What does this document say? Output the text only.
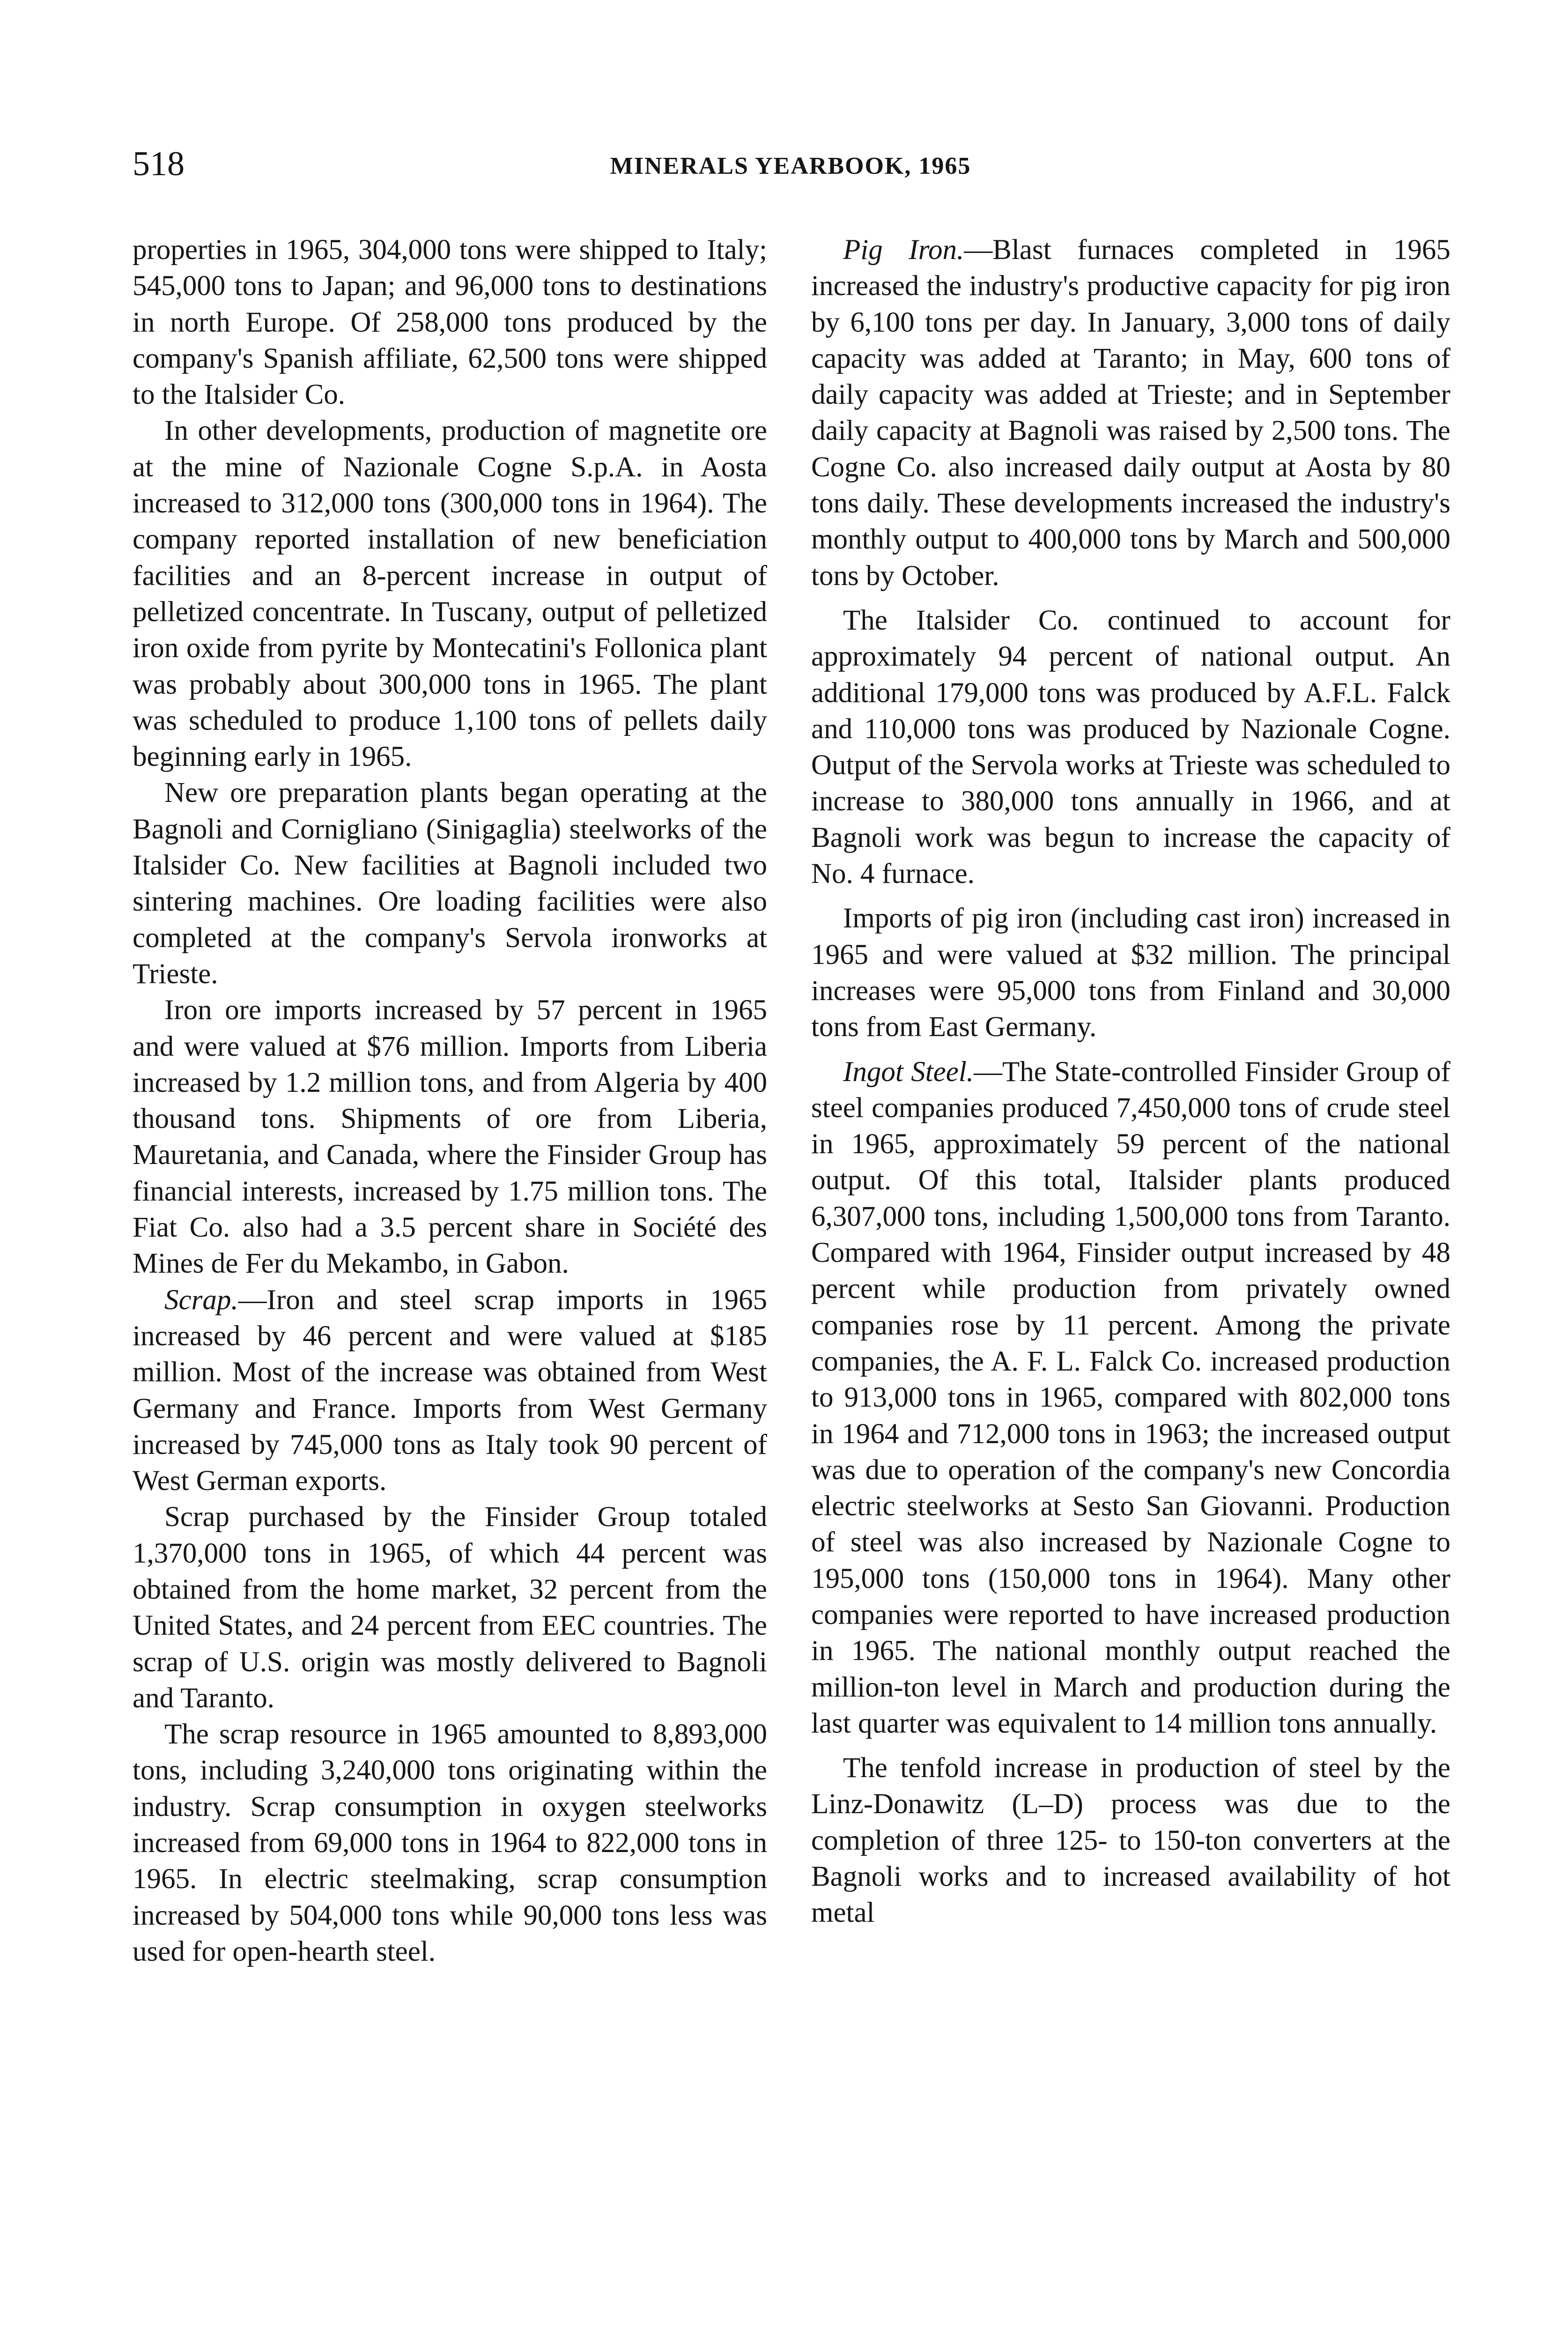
518	MINERALS YEARBOOK, 1965

properties in 1965, 304,000 tons were shipped to Italy; 545,000 tons to Japan; and 96,000 tons to destinations in north Europe. Of 258,000 tons produced by the company's Spanish affiliate, 62,500 tons were shipped to the Italsider Co.

In other developments, production of magnetite ore at the mine of Nazionale Cogne S.p.A. in Aosta increased to 312,000 tons (300,000 tons in 1964). The company reported installation of new beneficiation facilities and an 8-percent increase in output of pelletized concentrate. In Tuscany, output of pelletized iron oxide from pyrite by Montecatini's Follonica plant was probably about 300,000 tons in 1965. The plant was scheduled to produce 1,100 tons of pellets daily beginning early in 1965.

New ore preparation plants began operating at the Bagnoli and Cornigliano (Sinigaglia) steelworks of the Italsider Co. New facilities at Bagnoli included two sintering machines. Ore loading facilities were also completed at the company's Servola ironworks at Trieste.

Iron ore imports increased by 57 percent in 1965 and were valued at $76 million. Imports from Liberia increased by 1.2 million tons, and from Algeria by 400 thousand tons. Shipments of ore from Liberia, Mauretania, and Canada, where the Finsider Group has financial interests, increased by 1.75 million tons. The Fiat Co. also had a 3.5 percent share in Société des Mines de Fer du Mekambo, in Gabon.

Scrap.—Iron and steel scrap imports in 1965 increased by 46 percent and were valued at $185 million. Most of the increase was obtained from West Germany and France. Imports from West Germany increased by 745,000 tons as Italy took 90 percent of West German exports.

Scrap purchased by the Finsider Group totaled 1,370,000 tons in 1965, of which 44 percent was obtained from the home market, 32 percent from the United States, and 24 percent from EEC countries. The scrap of U.S. origin was mostly delivered to Bagnoli and Taranto.

The scrap resource in 1965 amounted to 8,893,000 tons, including 3,240,000 tons originating within the industry. Scrap consumption in oxygen steelworks increased from 69,000 tons in 1964 to 822,000 tons in 1965. In electric steelmaking, scrap consumption increased by 504,000 tons while 90,000 tons less was used for open-hearth steel.

Pig Iron.—Blast furnaces completed in 1965 increased the industry's productive capacity for pig iron by 6,100 tons per day. In January, 3,000 tons of daily capacity was added at Taranto; in May, 600 tons of daily capacity was added at Trieste; and in September daily capacity at Bagnoli was raised by 2,500 tons. The Cogne Co. also increased daily output at Aosta by 80 tons daily. These developments increased the industry's monthly output to 400,000 tons by March and 500,000 tons by October.

The Italsider Co. continued to account for approximately 94 percent of national output. An additional 179,000 tons was produced by A.F.L. Falck and 110,000 tons was produced by Nazionale Cogne. Output of the Servola works at Trieste was scheduled to increase to 380,000 tons annually in 1966, and at Bagnoli work was begun to increase the capacity of No. 4 furnace.

Imports of pig iron (including cast iron) increased in 1965 and were valued at $32 million. The principal increases were 95,000 tons from Finland and 30,000 tons from East Germany.

Ingot Steel.—The State-controlled Finsider Group of steel companies produced 7,450,000 tons of crude steel in 1965, approximately 59 percent of the national output. Of this total, Italsider plants produced 6,307,000 tons, including 1,500,000 tons from Taranto. Compared with 1964, Finsider output increased by 48 percent while production from privately owned companies rose by 11 percent. Among the private companies, the A. F. L. Falck Co. increased production to 913,000 tons in 1965, compared with 802,000 tons in 1964 and 712,000 tons in 1963; the increased output was due to operation of the company's new Concordia electric steelworks at Sesto San Giovanni. Production of steel was also increased by Nazionale Cogne to 195,000 tons (150,000 tons in 1964). Many other companies were reported to have increased production in 1965. The national monthly output reached the million-ton level in March and production during the last quarter was equivalent to 14 million tons annually.

The tenfold increase in production of steel by the Linz-Donawitz (L–D) process was due to the completion of three 125- to 150-ton converters at the Bagnoli works and to increased availability of hot metal
